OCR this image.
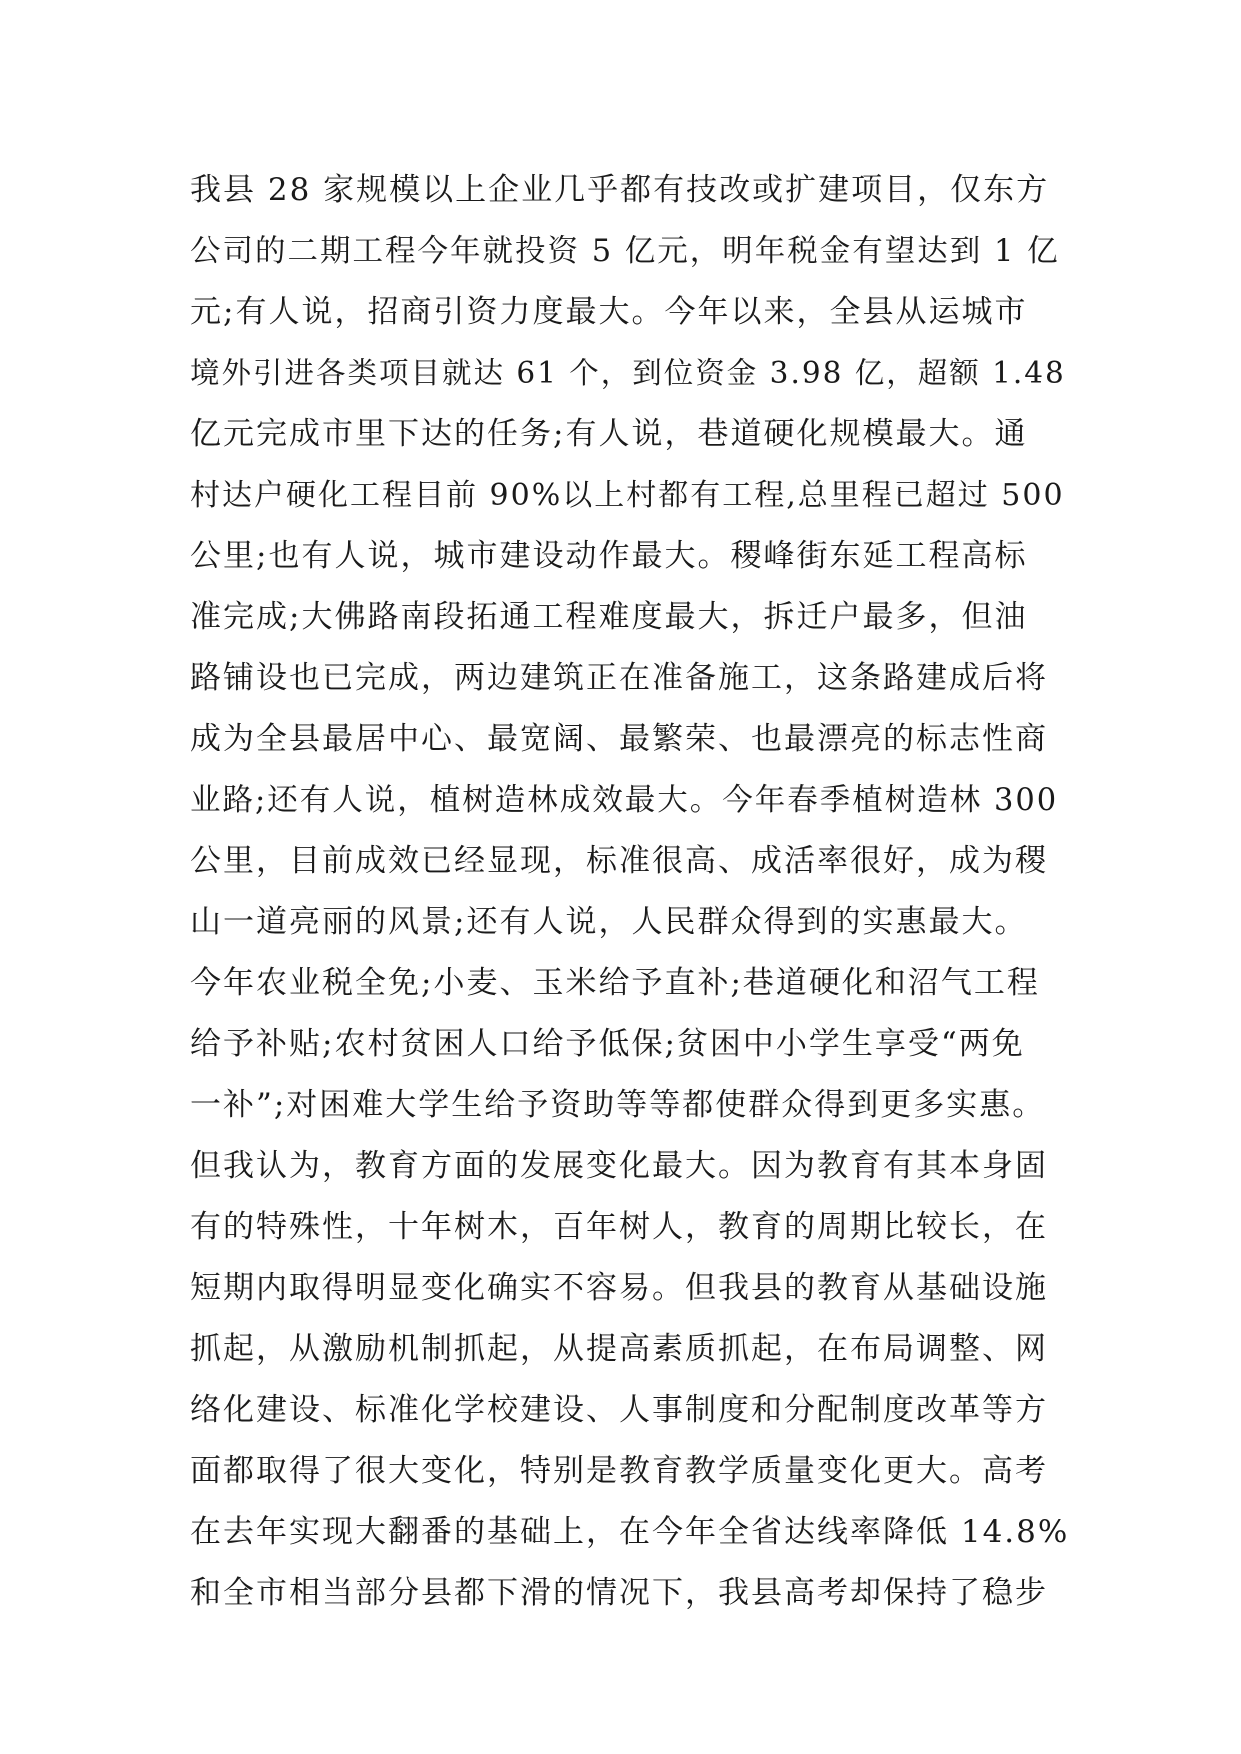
我县 28 家规模以上企业几乎都有技改或扩建项目，仅东方
公司的二期工程今年就投资 5 亿元，明年税金有望达到 1 亿
元;有人说，招商引资力度最大。今年以来，全县从运城市
境外引进各类项目就达 61 个，到位资金 3.98 亿，超额 1.48
亿元完成市里下达的任务;有人说，巷道硬化规模最大。通
村达户硬化工程目前 90%以上村都有工程,总里程已超过 500
公里;也有人说，城市建设动作最大。稷峰街东延工程高标
准完成;大佛路南段拓通工程难度最大，拆迁户最多，但油
路铺设也已完成，两边建筑正在准备施工，这条路建成后将
成为全县最居中心、最宽阔、最繁荣、也最漂亮的标志性商
业路;还有人说，植树造林成效最大。今年春季植树造林 300
公里，目前成效已经显现，标准很高、成活率很好，成为稷
山一道亮丽的风景;还有人说，人民群众得到的实惠最大。
今年农业税全免;小麦、玉米给予直补;巷道硬化和沼气工程
给予补贴;农村贫困人口给予低保;贫困中小学生享受“两免
一补”;对困难大学生给予资助等等都使群众得到更多实惠。
但我认为，教育方面的发展变化最大。因为教育有其本身固
有的特殊性，十年树木，百年树人，教育的周期比较长，在
短期内取得明显变化确实不容易。但我县的教育从基础设施
抓起，从激励机制抓起，从提高素质抓起，在布局调整、网
络化建设、标准化学校建设、人事制度和分配制度改革等方
面都取得了很大变化，特别是教育教学质量变化更大。高考
在去年实现大翻番的基础上，在今年全省达线率降低 14.8%
和全市相当部分县都下滑的情况下，我县高考却保持了稳步
